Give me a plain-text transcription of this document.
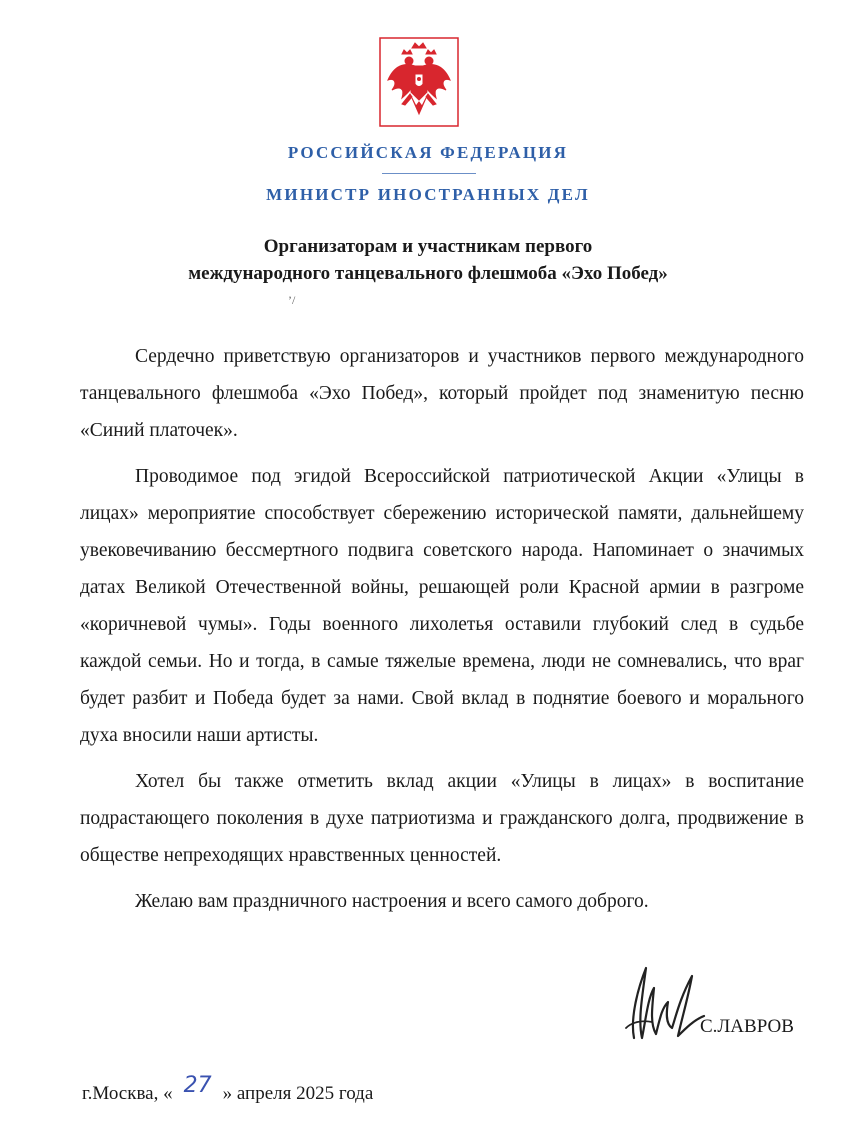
РОССИЙСКАЯ ФЕДЕРАЦИЯ
МИНИСТР ИНОСТРАННЫХ ДЕЛ
Организаторам и участникам первого
международного танцевального флешмоба «Эхо Побед»
’/
Сердечно приветствую организаторов и участников первого международного танцевального флешмоба «Эхо Побед», который пройдет под знаменитую песню «Синий платочек».
Проводимое под эгидой Всероссийской патриотической Акции «Улицы в лицах» мероприятие способствует сбережению исторической памяти, дальнейшему увековечиванию бессмертного подвига советского народа. Напоминает о значимых датах Великой Отечественной войны, решающей роли Красной армии в разгроме «коричневой чумы». Годы военного лихолетья оставили глубокий след в судьбе каждой семьи. Но и тогда, в самые тяжелые времена, люди не сомневались, что враг будет разбит и Победа будет за нами. Свой вклад в поднятие боевого и морального духа вносили наши артисты.
Хотел бы также отметить вклад акции «Улицы в лицах» в воспитание подрастающего поколения в духе патриотизма и гражданского долга, продвижение в обществе непреходящих нравственных ценностей.
Желаю вам праздничного настроения и всего самого доброго.
С.ЛАВРОВ
г.Москва, « 27 » апреля 2025 года
